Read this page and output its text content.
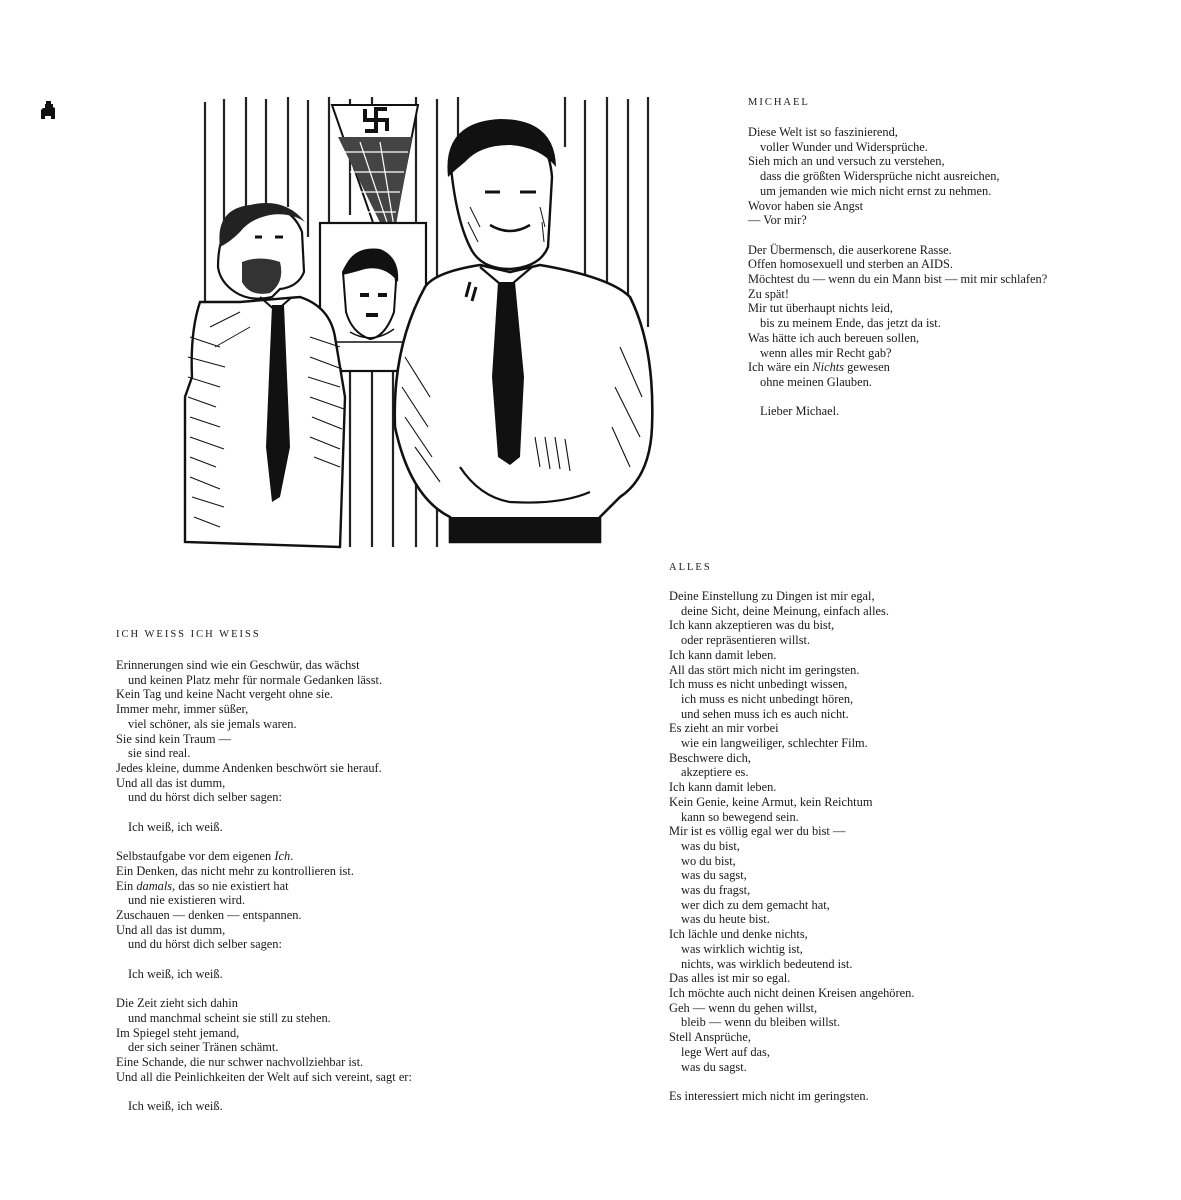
MICHAEL
Diese Welt ist so faszinierend,
voller Wunder und Widersprüche.
Sieh mich an und versuch zu verstehen,
dass die größten Widersprüche nicht ausreichen,
um jemanden wie mich nicht ernst zu nehmen.
Wovor haben sie Angst
— Vor mir?
Der Übermensch, die auserkorene Rasse.
Offen homosexuell und sterben an AIDS.
Möchtest du — wenn du ein Mann bist — mit mir schlafen?
Zu spät!
Mir tut überhaupt nichts leid,
bis zu meinem Ende, das jetzt da ist.
Was hätte ich auch bereuen sollen,
wenn alles mir Recht gab?
Ich wäre ein Nichts gewesen
ohne meinen Glauben.
Lieber Michael.
ALLES
Deine Einstellung zu Dingen ist mir egal,
deine Sicht, deine Meinung, einfach alles.
Ich kann akzeptieren was du bist,
oder repräsentieren willst.
Ich kann damit leben.
All das stört mich nicht im geringsten.
Ich muss es nicht unbedingt wissen,
ich muss es nicht unbedingt hören,
und sehen muss ich es auch nicht.
Es zieht an mir vorbei
wie ein langweiliger, schlechter Film.
Beschwere dich,
akzeptiere es.
Ich kann damit leben.
Kein Genie, keine Armut, kein Reichtum
kann so bewegend sein.
Mir ist es völlig egal wer du bist —
was du bist,
wo du bist,
was du sagst,
was du fragst,
wer dich zu dem gemacht hat,
was du heute bist.
Ich lächle und denke nichts,
was wirklich wichtig ist,
nichts, was wirklich bedeutend ist.
Das alles ist mir so egal.
Ich möchte auch nicht deinen Kreisen angehören.
Geh — wenn du gehen willst,
bleib — wenn du bleiben willst.
Stell Ansprüche,
lege Wert auf das,
was du sagst.
Es interessiert mich nicht im geringsten.
ICH WEISS ICH WEISS
Erinnerungen sind wie ein Geschwür, das wächst
und keinen Platz mehr für normale Gedanken lässt.
Kein Tag und keine Nacht vergeht ohne sie.
Immer mehr, immer süßer,
viel schöner, als sie jemals waren.
Sie sind kein Traum —
sie sind real.
Jedes kleine, dumme Andenken beschwört sie herauf.
Und all das ist dumm,
und du hörst dich selber sagen:
Ich weiß, ich weiß.
Selbstaufgabe vor dem eigenen Ich.
Ein Denken, das nicht mehr zu kontrollieren ist.
Ein damals, das so nie existiert hat
und nie existieren wird.
Zuschauen — denken — entspannen.
Und all das ist dumm,
und du hörst dich selber sagen:
Ich weiß, ich weiß.
Die Zeit zieht sich dahin
und manchmal scheint sie still zu stehen.
Im Spiegel steht jemand,
der sich seiner Tränen schämt.
Eine Schande, die nur schwer nachvollziehbar ist.
Und all die Peinlichkeiten der Welt auf sich vereint, sagt er:
Ich weiß, ich weiß.
